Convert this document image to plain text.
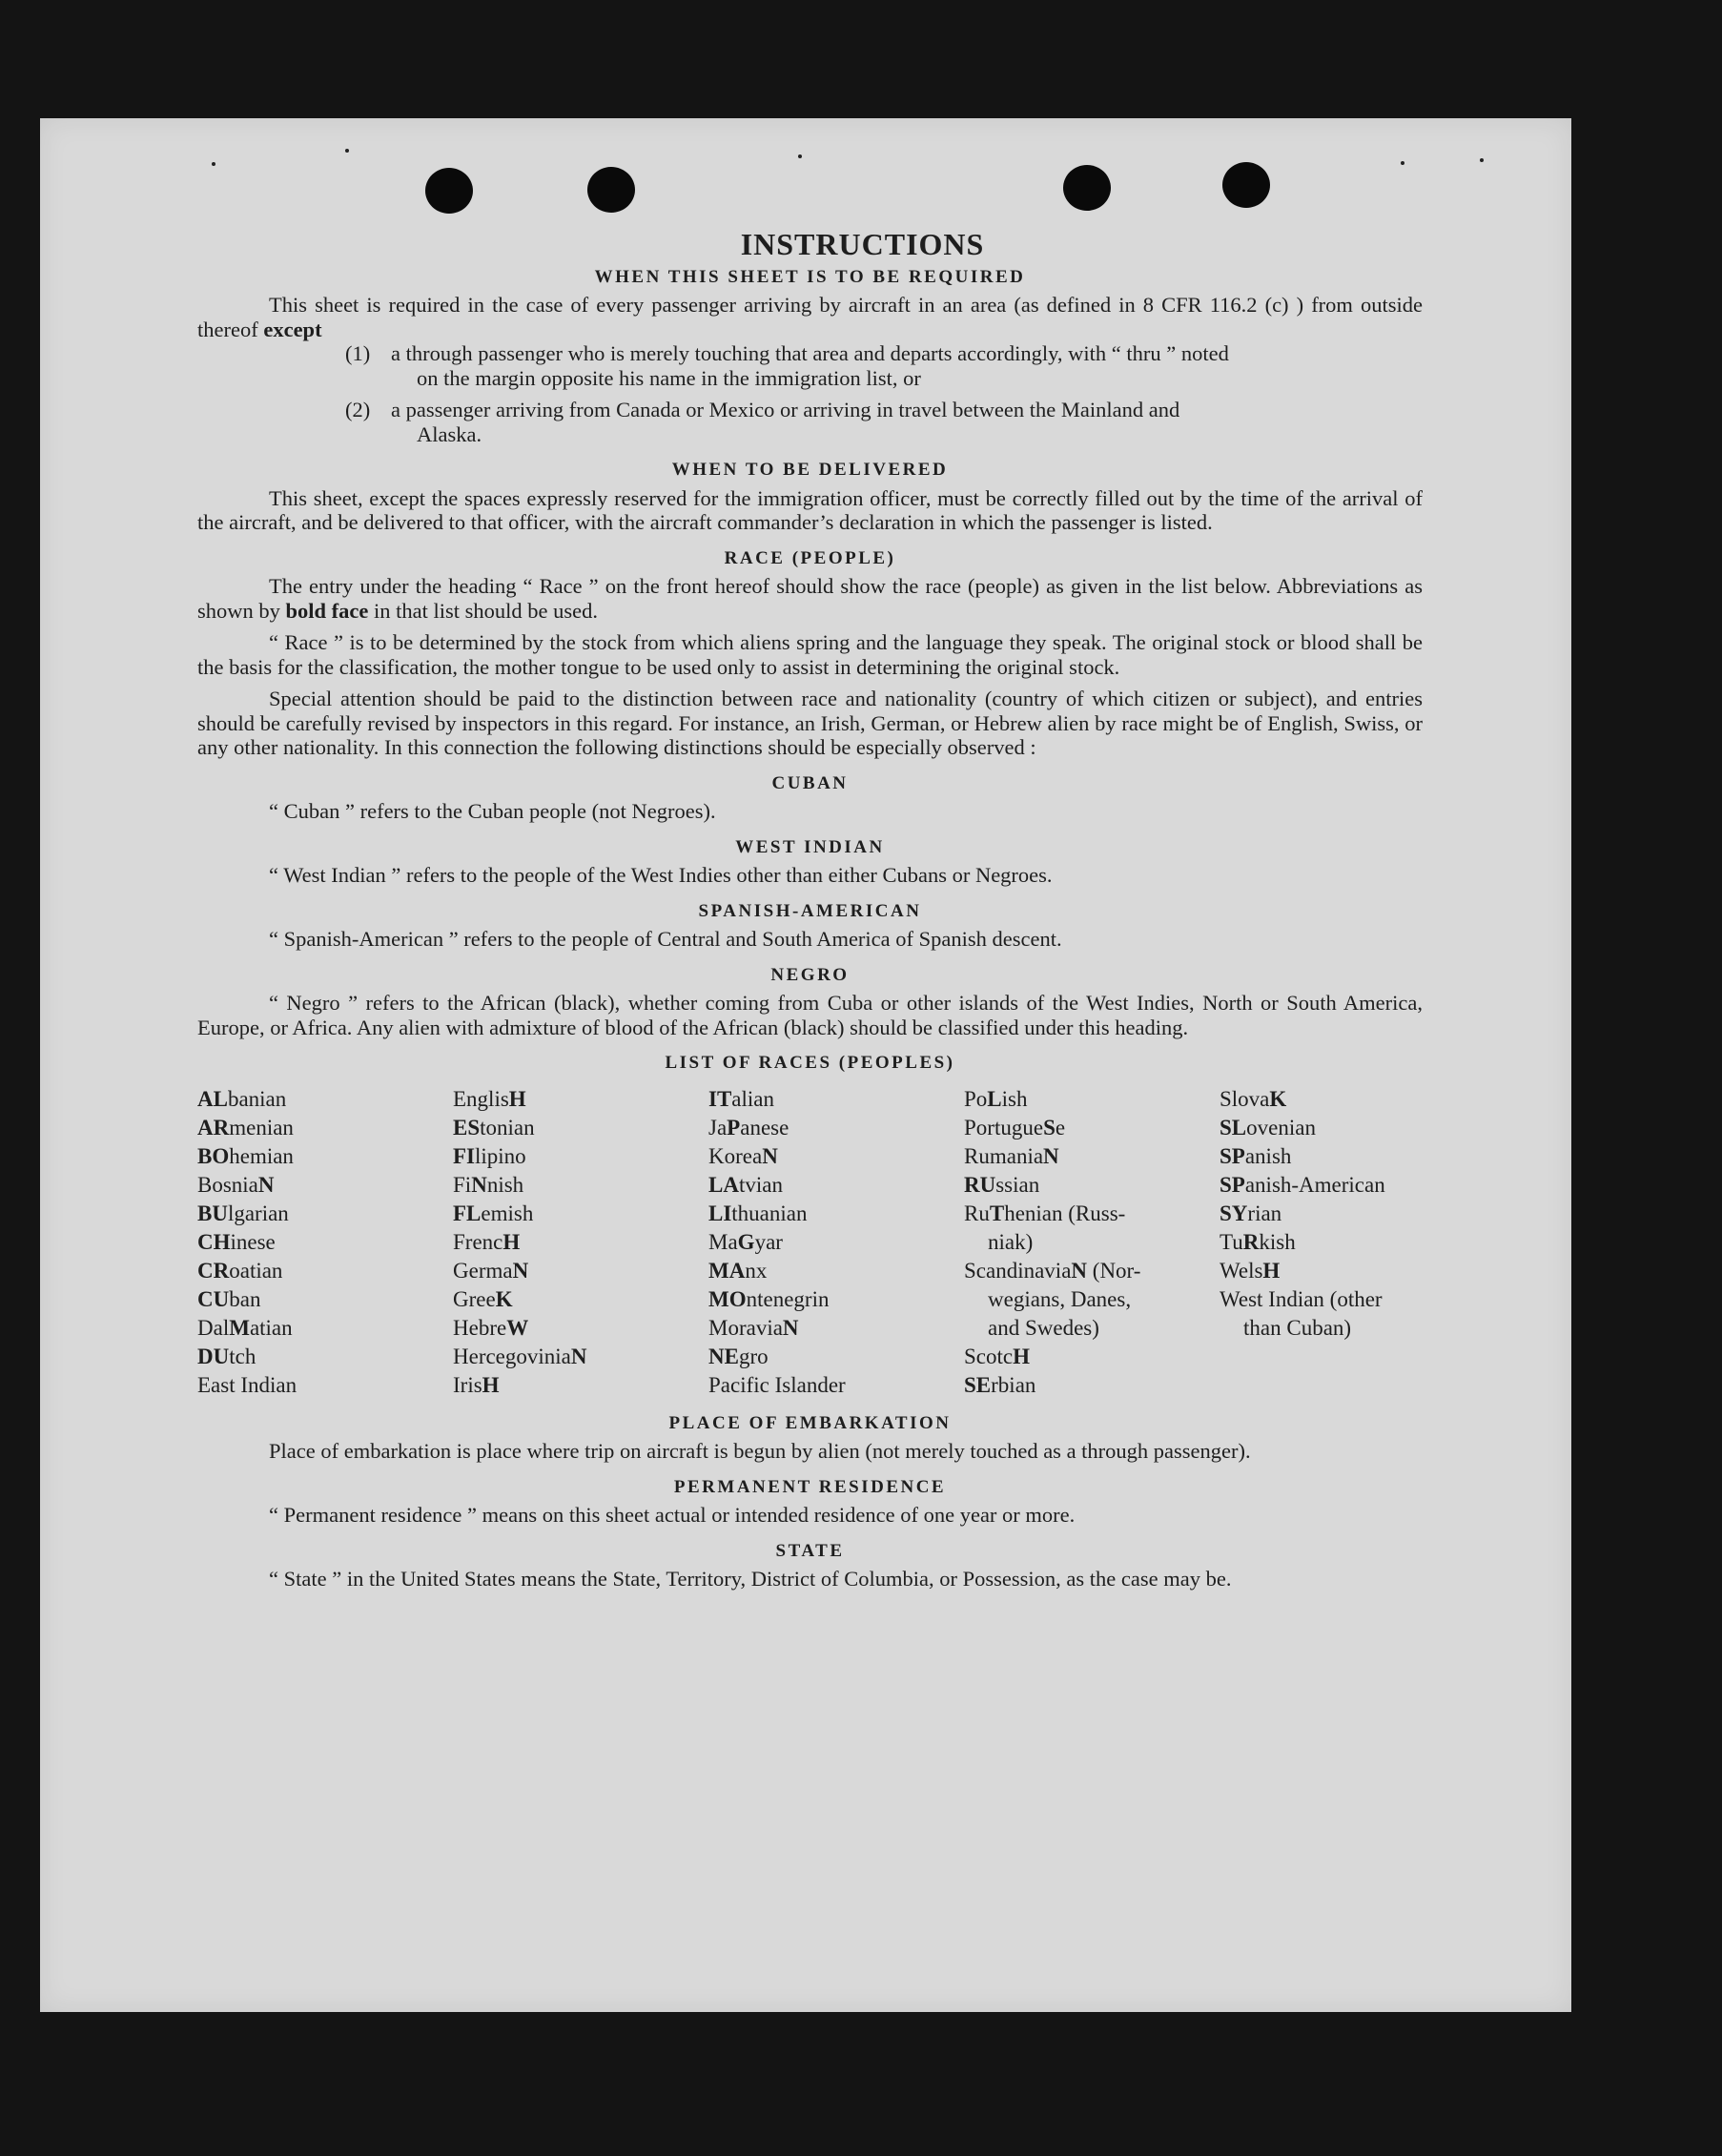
INSTRUCTIONS
WHEN THIS SHEET IS TO BE REQUIRED

This sheet is required in the case of every passenger arriving by aircraft in an area (as defined in 8 CFR 116.2 (c) ) from outside thereof except

(1) a through passenger who is merely touching that area and departs accordingly, with “ thru ” noted
on the margin opposite his name in the immigration list, or
(2) a passenger arriving from Canada or Mexico or arriving in travel between the Mainland and
Alaska.
WHEN TO BE DELIVERED

This sheet, except the spaces expressly reserved for the immigration officer, must be correctly filled out by the time of the arrival of the aircraft, and be delivered to that officer, with the aircraft commander’s declaration in which the passenger is listed.

RACE (PEOPLE)

The entry under the heading “ Race ” on the front hereof should show the race (people) as given in the list below. Abbreviations as shown by bold face in that list should be used.

“ Race ” is to be determined by the stock from which aliens spring and the language they speak. The original stock or blood shall be the basis for the classification, the mother tongue to be used only to assist in determining the original stock.

Special attention should be paid to the distinction between race and nationality (country of which citizen or subject), and entries should be carefully revised by inspectors in this regard. For instance, an Irish, German, or Hebrew alien by race might be of English, Swiss, or any other nationality. In this connection the following distinctions should be especially observed :

CUBAN

“ Cuban ” refers to the Cuban people (not Negroes).

WEST INDIAN

“ West Indian ” refers to the people of the West Indies other than either Cubans or Negroes.

SPANISH-AMERICAN

“ Spanish-American ” refers to the people of Central and South America of Spanish descent.

NEGRO

“ Negro ” refers to the African (black), whether coming from Cuba or other islands of the West Indies, North or South America, Europe, or Africa. Any alien with admixture of blood of the African (black) should be classified under this heading.

LIST OF RACES (PEOPLES)
ALbanian
ARmenian
BOhemian
BosniaN
BUlgarian
CHinese
CRoatian
CUban
DalMatian
DUtch
East Indian
EnglisH
EStonian
FIlipino
FiNnish
FLemish
FrencH
GermaN
GreeK
HebreW
HercegoviniaN
IrisH
ITalian
JaPanese
KoreaN
LAtvian
LIthuanian
MaGyar
MAnx
MOntenegrin
MoraviaN
NEgro
Pacific Islander
PoLish
PortugueSe
RumaniaN
RUssian
RuThenian (Russ-
niak)
ScandinaviaN (Nor-
wegians, Danes,
and Swedes)
ScotcH
SErbian
SlovaK
SLovenian
SPanish
SPanish-American
SYrian
TuRkish
WelsH
West Indian (other
than Cuban)
PLACE OF EMBARKATION

Place of embarkation is place where trip on aircraft is begun by alien (not merely touched as a through passenger).

PERMANENT RESIDENCE

“ Permanent residence ” means on this sheet actual or intended residence of one year or more.

STATE

“ State ” in the United States means the State, Territory, District of Columbia, or Possession, as the case may be.
